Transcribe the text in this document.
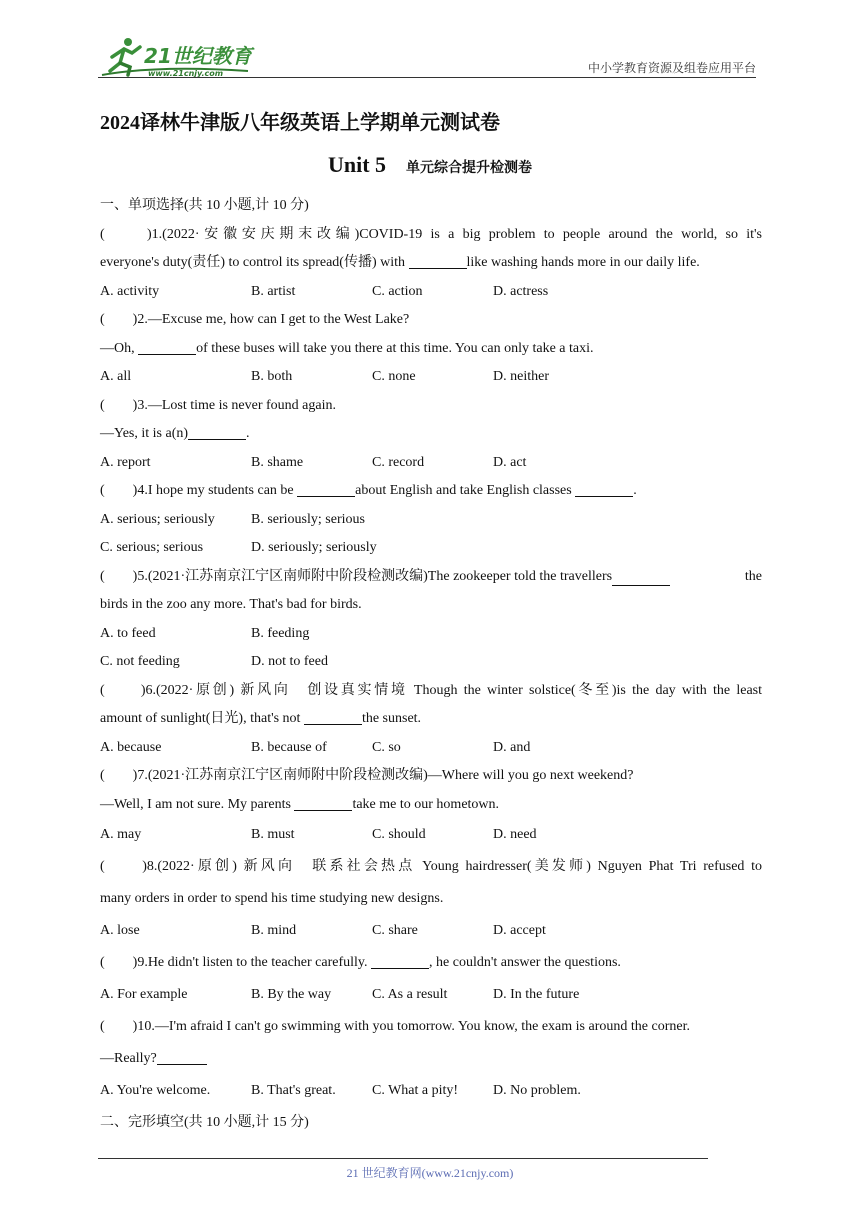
21世纪教育
www.21cnjy.com	中小学教育资源及组卷应用平台
2024译林牛津版八年级英语上学期单元测试卷
Unit 5 单元综合提升检测卷
一、单项选择(共 10 小题,计 10 分)
(　　)1.(2022·安徽安庆期末改编)COVID-19 is a big problem to people around the world, so it's
everyone's duty(责任) to control its spread(传播) with	like washing hands more in our daily life.
A. activity	B. artist	C. action	D. actress
(　　)2.—Excuse me, how can I get to the West Lake?
—Oh,	of these buses will take you there at this time. You can only take a taxi.
A. all	B. both	C. none	D. neither
(　　)3.—Lost time is never found again.
—Yes, it is a(n)	.
A. report	B. shame	C. record	D. act
(　　)4.I hope my students can be	about English and take English classes	.
A. serious; seriously	B. seriously; serious
C. serious; serious	D. seriously; seriously
(　　)5.(2021·江苏南京江宁区南师附中阶段检测改编)The zookeeper told the travellers	the
birds in the zoo any more. That's bad for birds.
A. to feed	B. feeding
C. not feeding	D. not to feed
(　　)6.(2022·原创) 新风向　创设真实情境 Though the winter solstice(冬至)is the day with the least
amount of sunlight(日光), that's not	the sunset.
A. because	B. because of	C. so	D. and
(　　)7.(2021·江苏南京江宁区南师附中阶段检测改编)—Where will you go next weekend?
—Well, I am not sure. My parents	take me to our hometown.
A. may	B. must	C. should	D. need
(　　)8.(2022·原创) 新风向　联系社会热点 Young hairdresser(美发师) Nguyen Phat Tri refused to
many orders in order to spend his time studying new designs.
A. lose	B. mind	C. share	D. accept
(　　)9.He didn't listen to the teacher carefully.	, he couldn't answer the questions.
A. For example	B. By the way	C. As a result	D. In the future
(　　)10.—I'm afraid I can't go swimming with you tomorrow. You know, the exam is around the corner.
—Really?
A. You're welcome.	B. That's great.	C. What a pity! D. No problem.
二、完形填空(共 10 小题,计 15 分)
21 世纪教育网(www.21cnjy.com)
